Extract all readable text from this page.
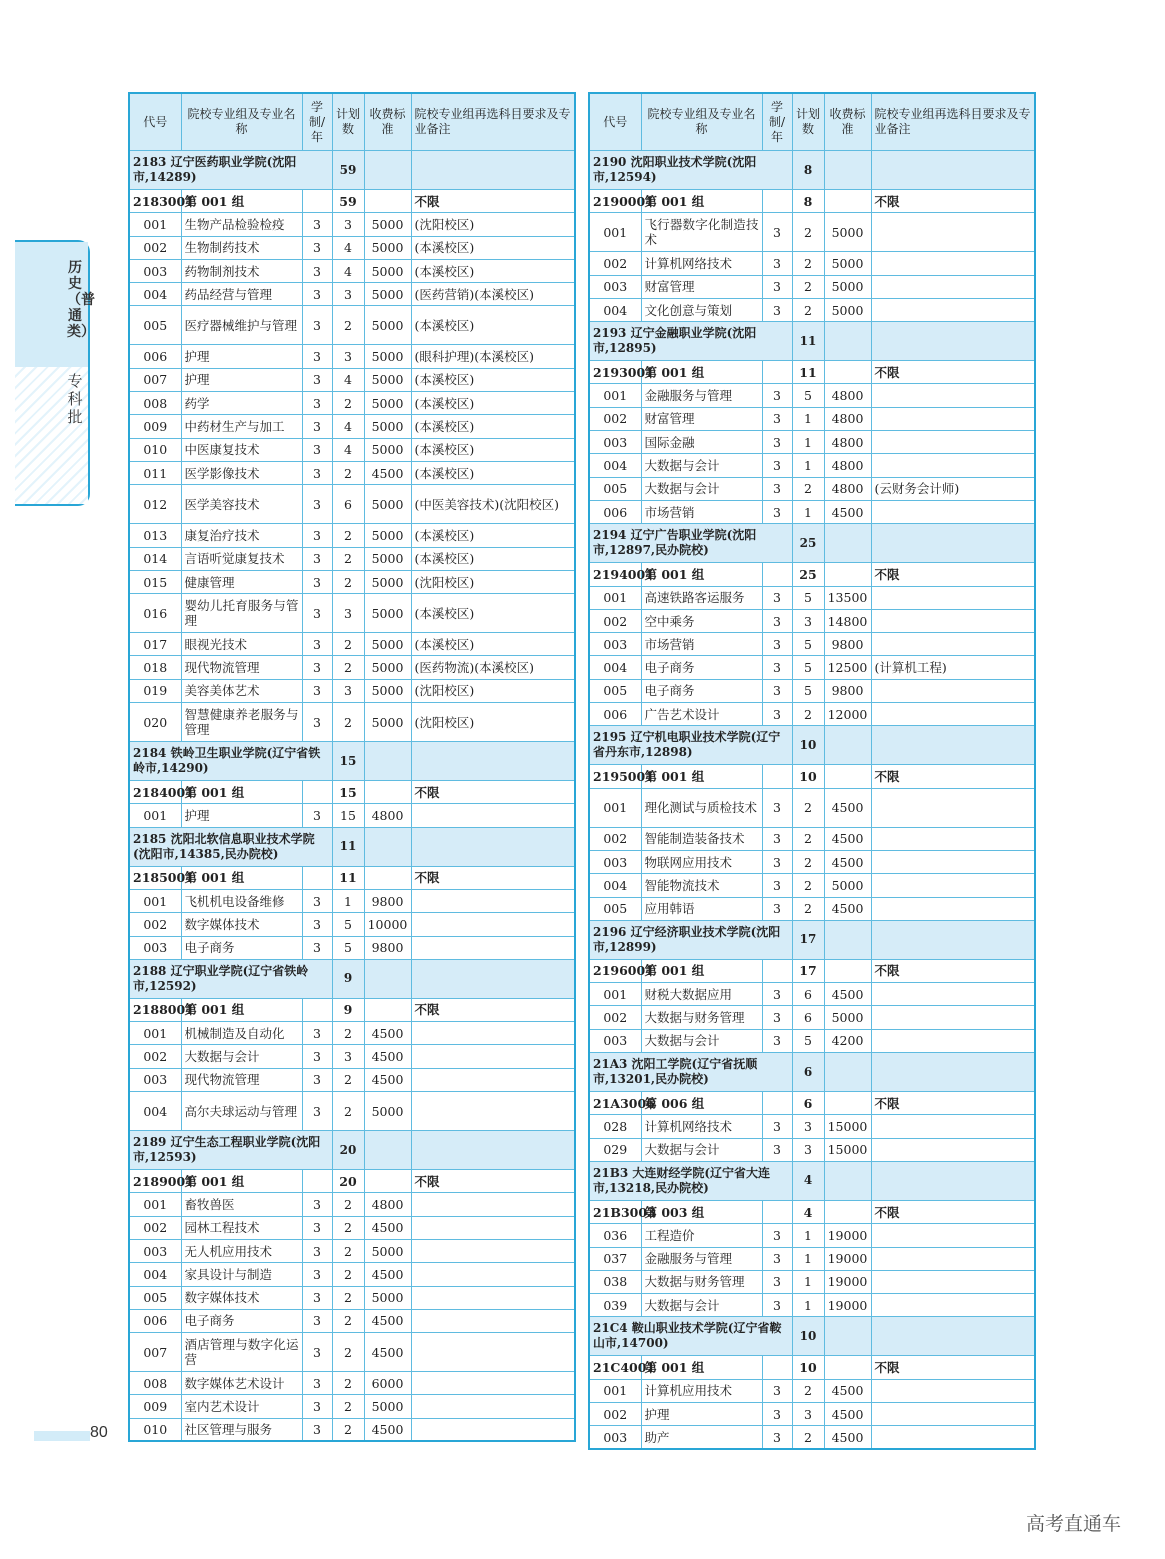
历史（普通类）
专科批
代号	院校专业组及专业名称	学制/年	计划数	收费标准	院校专业组再选科目要求及专业备注
2183 辽宁医药职业学院(沈阳市,14289)			59		
2183001	第 001 组		59		不限
001	生物产品检验检疫	3	3	5000	(沈阳校区)
002	生物制药技术	3	4	5000	(本溪校区)
003	药物制剂技术	3	4	5000	(本溪校区)
004	药品经营与管理	3	3	5000	(医药营销)(本溪校区)
005	医疗器械维护与管理	3	2	5000	(本溪校区)
006	护理	3	3	5000	(眼科护理)(本溪校区)
007	护理	3	4	5000	(本溪校区)
008	药学	3	2	5000	(本溪校区)
009	中药材生产与加工	3	4	5000	(本溪校区)
010	中医康复技术	3	4	5000	(本溪校区)
011	医学影像技术	3	2	4500	(本溪校区)
012	医学美容技术	3	6	5000	(中医美容技术)(沈阳校区)
013	康复治疗技术	3	2	5000	(本溪校区)
014	言语听觉康复技术	3	2	5000	(本溪校区)
015	健康管理	3	2	5000	(沈阳校区)
016	婴幼儿托育服务与管理	3	3	5000	(本溪校区)
017	眼视光技术	3	2	5000	(本溪校区)
018	现代物流管理	3	2	5000	(医药物流)(本溪校区)
019	美容美体艺术	3	3	5000	(沈阳校区)
020	智慧健康养老服务与管理	3	2	5000	(沈阳校区)
2184 铁岭卫生职业学院(辽宁省铁岭市,14290)			15		
2184001	第 001 组		15		不限
001	护理	3	15	4800	
2185 沈阳北软信息职业技术学院(沈阳市,14385,民办院校)			11		
2185001	第 001 组		11		不限
001	飞机机电设备维修	3	1	9800	
002	数字媒体技术	3	5	10000	
003	电子商务	3	5	9800	
2188 辽宁职业学院(辽宁省铁岭市,12592)			9		
2188001	第 001 组		9		不限
001	机械制造及自动化	3	2	4500	
002	大数据与会计	3	3	4500	
003	现代物流管理	3	2	4500	
004	高尔夫球运动与管理	3	2	5000	
2189 辽宁生态工程职业学院(沈阳市,12593)			20		
2189001	第 001 组		20		不限
001	畜牧兽医	3	2	4800	
002	园林工程技术	3	2	4500	
003	无人机应用技术	3	2	5000	
004	家具设计与制造	3	2	4500	
005	数字媒体技术	3	2	5000	
006	电子商务	3	2	4500	
007	酒店管理与数字化运营	3	2	4500	
008	数字媒体艺术设计	3	2	6000	
009	室内艺术设计	3	2	5000	
010	社区管理与服务	3	2	4500	
代号	院校专业组及专业名称	学制/年	计划数	收费标准	院校专业组再选科目要求及专业备注
2190 沈阳职业技术学院(沈阳市,12594)			8		
2190001	第 001 组		8		不限
001	飞行器数字化制造技术	3	2	5000	
002	计算机网络技术	3	2	5000	
003	财富管理	3	2	5000	
004	文化创意与策划	3	2	5000	
2193 辽宁金融职业学院(沈阳市,12895)			11		
2193001	第 001 组		11		不限
001	金融服务与管理	3	5	4800	
002	财富管理	3	1	4800	
003	国际金融	3	1	4800	
004	大数据与会计	3	1	4800	
005	大数据与会计	3	2	4800	(云财务会计师)
006	市场营销	3	1	4500	
2194 辽宁广告职业学院(沈阳市,12897,民办院校)			25		
2194001	第 001 组		25		不限
001	高速铁路客运服务	3	5	13500	
002	空中乘务	3	3	14800	
003	市场营销	3	5	9800	
004	电子商务	3	5	12500	(计算机工程)
005	电子商务	3	5	9800	
006	广告艺术设计	3	2	12000	
2195 辽宁机电职业技术学院(辽宁省丹东市,12898)			10		
2195001	第 001 组		10		不限
001	理化测试与质检技术	3	2	4500	
002	智能制造装备技术	3	2	4500	
003	物联网应用技术	3	2	4500	
004	智能物流技术	3	2	5000	
005	应用韩语	3	2	4500	
2196 辽宁经济职业技术学院(沈阳市,12899)			17		
2196001	第 001 组		17		不限
001	财税大数据应用	3	6	4500	
002	大数据与财务管理	3	6	5000	
003	大数据与会计	3	5	4200	
21A3 沈阳工学院(辽宁省抚顺市,13201,民办院校)			6		
21A3006	第 006 组		6		不限
028	计算机网络技术	3	3	15000	
029	大数据与会计	3	3	15000	
21B3 大连财经学院(辽宁省大连市,13218,民办院校)			4		
21B3003	第 003 组		4		不限
036	工程造价	3	1	19000	
037	金融服务与管理	3	1	19000	
038	大数据与财务管理	3	1	19000	
039	大数据与会计	3	1	19000	
21C4 鞍山职业技术学院(辽宁省鞍山市,14700)			10		
21C4001	第 001 组		10		不限
001	计算机应用技术	3	2	4500	
002	护理	3	3	4500	
003	助产	3	2	4500	
80
高考直通车
